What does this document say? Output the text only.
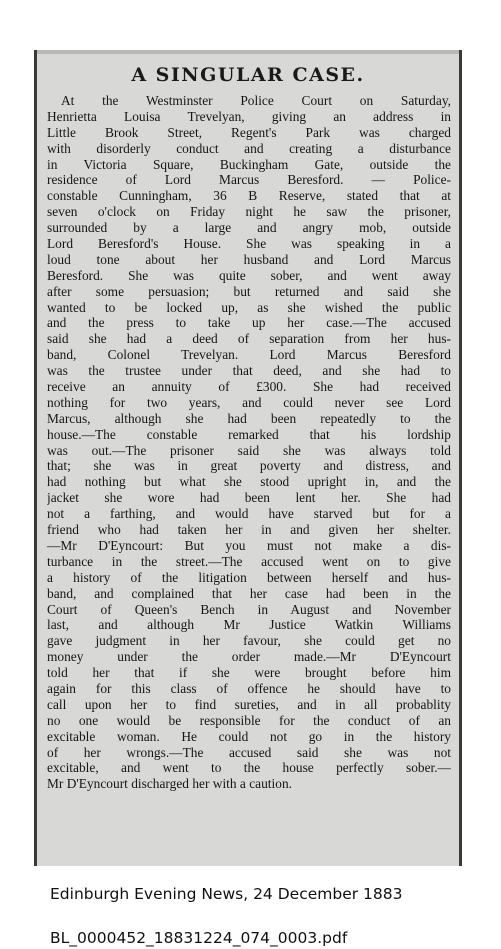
A SINGULAR CASE.
At the Westminster Police Court on Saturday,
Henrietta Louisa Trevelyan, giving an address in
Little Brook Street, Regent's Park was charged
with disorderly conduct and creating a disturbance
in Victoria Square, Buckingham Gate, outside the
residence of Lord Marcus Beresford. — Police-
constable Cunningham, 36 B Reserve, stated that at
seven o'clock on Friday night he saw the prisoner,
surrounded by a large and angry mob, outside
Lord Beresford's House. She was speaking in a
loud tone about her husband and Lord Marcus
Beresford. She was quite sober, and went away
after some persuasion; but returned and said she
wanted to be locked up, as she wished the public
and the press to take up her case.—The accused
said she had a deed of separation from her hus-
band, Colonel Trevelyan. Lord Marcus Beresford
was the trustee under that deed, and she had to
receive an annuity of £300. She had received
nothing for two years, and could never see Lord
Marcus, although she had been repeatedly to the
house.—The constable remarked that his lordship
was out.—The prisoner said she was always told
that; she was in great poverty and distress, and
had nothing but what she stood upright in, and the
jacket she wore had been lent her. She had
not a farthing, and would have starved but for a
friend who had taken her in and given her shelter.
—Mr D'Eyncourt: But you must not make a dis-
turbance in the street.—The accused went on to give
a history of the litigation between herself and hus-
band, and complained that her case had been in the
Court of Queen's Bench in August and November
last, and although Mr Justice Watkin Williams
gave judgment in her favour, she could get no
money under the order made.—Mr D'Eyncourt
told her that if she were brought before him
again for this class of offence he should have to
call upon her to find sureties, and in all probablity
no one would be responsible for the conduct of an
excitable woman. He could not go in the history
of her wrongs.—The accused said she was not
excitable, and went to the house perfectly sober.—
Mr D'Eyncourt discharged her with a caution.
Edinburgh Evening News, 24 December 1883
BL_0000452_18831224_074_0003.pdf
